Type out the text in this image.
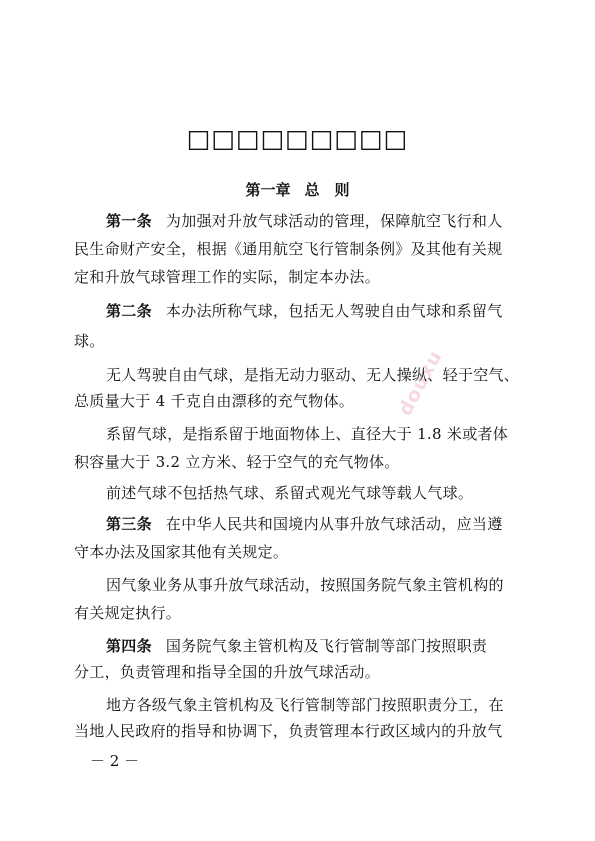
□□□□□□□□□
第一章 总　则
douxu
第一条 为加强对升放气球活动的管理，保障航空飞行和人
民生命财产安全，根据《通用航空飞行管制条例》及其他有关规
定和升放气球管理工作的实际，制定本办法。
第二条 本办法所称气球，包括无人驾驶自由气球和系留气
球。
无人驾驶自由气球，是指无动力驱动、无人操纵、轻于空气、
总质量大于 4 千克自由漂移的充气物体。
系留气球，是指系留于地面物体上、直径大于 1.8 米或者体
积容量大于 3.2 立方米、轻于空气的充气物体。
前述气球不包括热气球、系留式观光气球等载人气球。
第三条 在中华人民共和国境内从事升放气球活动，应当遵
守本办法及国家其他有关规定。
因气象业务从事升放气球活动，按照国务院气象主管机构的
有关规定执行。
第四条 国务院气象主管机构及飞行管制等部门按照职责
分工，负责管理和指导全国的升放气球活动。
地方各级气象主管机构及飞行管制等部门按照职责分工，在
当地人民政府的指导和协调下，负责管理本行政区域内的升放气
－ 2 －
